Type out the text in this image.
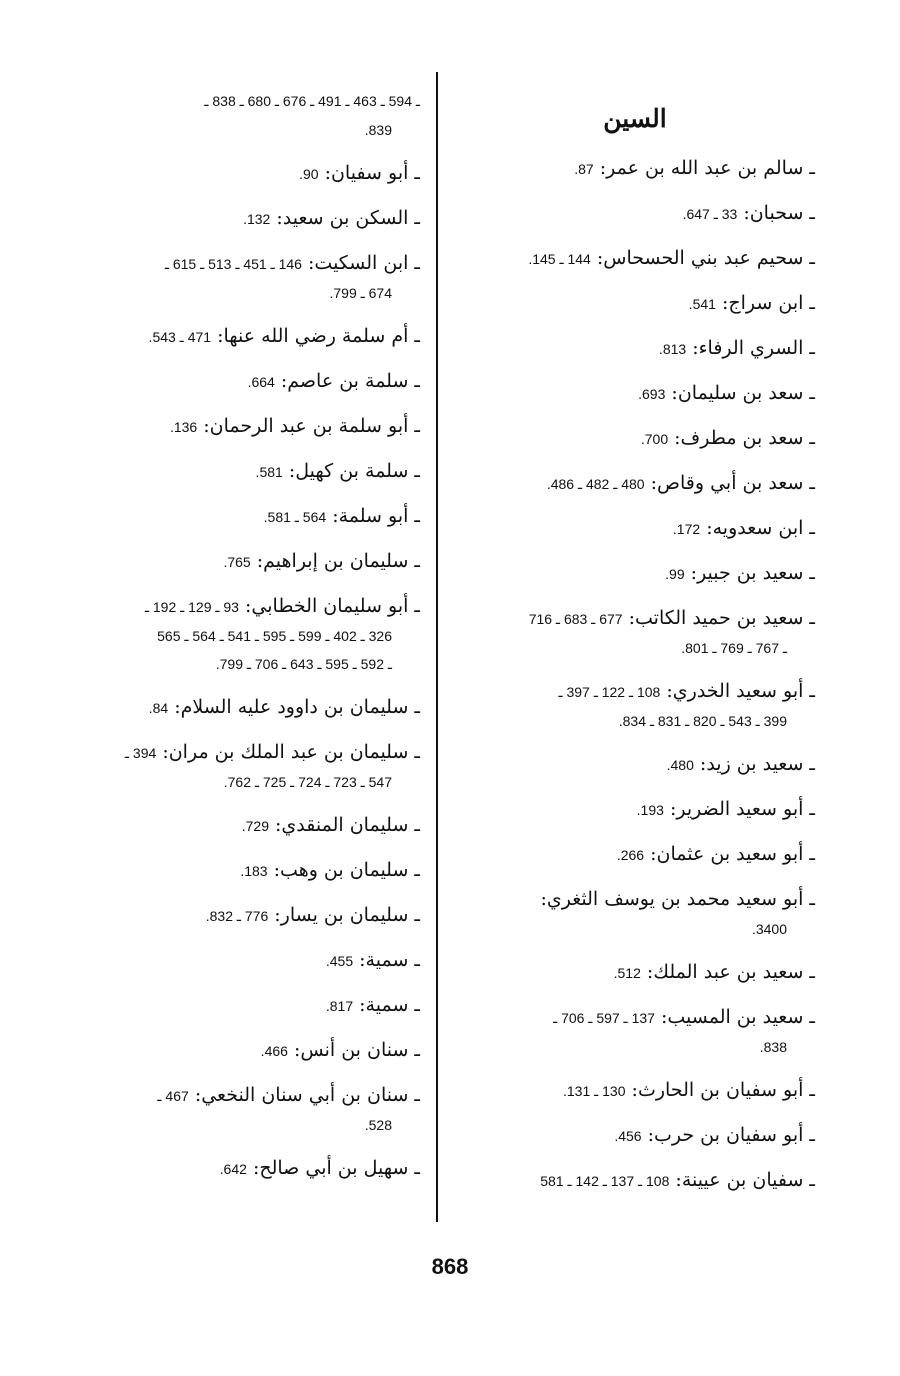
السين
ـ سالم بن عبد الله بن عمر: 87.
ـ سحبان: 33 ـ 647.
ـ سحيم عبد بني الحسحاس: 144 ـ 145.
ـ ابن سراج: 541.
ـ السري الرفاء: 813.
ـ سعد بن سليمان: 693.
ـ سعد بن مطرف: 700.
ـ سعد بن أبي وقاص: 480 ـ 482 ـ 486.
ـ ابن سعدويه: 172.
ـ سعيد بن جبير: 99.
ـ سعيد بن حميد الكاتب: 677 ـ 683 ـ 716
ـ 767 ـ 769 ـ 801.
ـ أبو سعيد الخدري: 108 ـ 122 ـ 397 ـ
399 ـ 543 ـ 820 ـ 831 ـ 834.
ـ سعيد بن زيد: 480.
ـ أبو سعيد الضرير: 193.
ـ أبو سعيد بن عثمان: 266.
ـ أبو سعيد محمد بن يوسف الثغري:
3400.
ـ سعيد بن عبد الملك: 512.
ـ سعيد بن المسيب: 137 ـ 597 ـ 706 ـ
838.
ـ أبو سفيان بن الحارث: 130 ـ 131.
ـ أبو سفيان بن حرب: 456.
ـ سفيان بن عيينة: 108 ـ 137 ـ 142 ـ 581
ـ 594 ـ 463 ـ 491 ـ 676 ـ 680 ـ 838 ـ
839.
ـ أبو سفيان: 90.
ـ السكن بن سعيد: 132.
ـ ابن السكيت: 146 ـ 451 ـ 513 ـ 615 ـ
674 ـ 799.
ـ أم سلمة رضي الله عنها: 471 ـ 543.
ـ سلمة بن عاصم: 664.
ـ أبو سلمة بن عبد الرحمان: 136.
ـ سلمة بن كهيل: 581.
ـ أبو سلمة: 564 ـ 581.
ـ سليمان بن إبراهيم: 765.
ـ أبو سليمان الخطابي: 93 ـ 129 ـ 192 ـ
326 ـ 402 ـ 599 ـ 595 ـ 541 ـ 564 ـ 565
ـ 592 ـ 595 ـ 643 ـ 706 ـ 799.
ـ سليمان بن داوود عليه السلام: 84.
ـ سليمان بن عبد الملك بن مران: 394 ـ
547 ـ 723 ـ 724 ـ 725 ـ 762.
ـ سليمان المنقدي: 729.
ـ سليمان بن وهب: 183.
ـ سليمان بن يسار: 776 ـ 832.
ـ سمية: 455.
ـ سمية: 817.
ـ سنان بن أنس: 466.
ـ سنان بن أبي سنان النخعي: 467 ـ
528.
ـ سهيل بن أبي صالح: 642.
868
